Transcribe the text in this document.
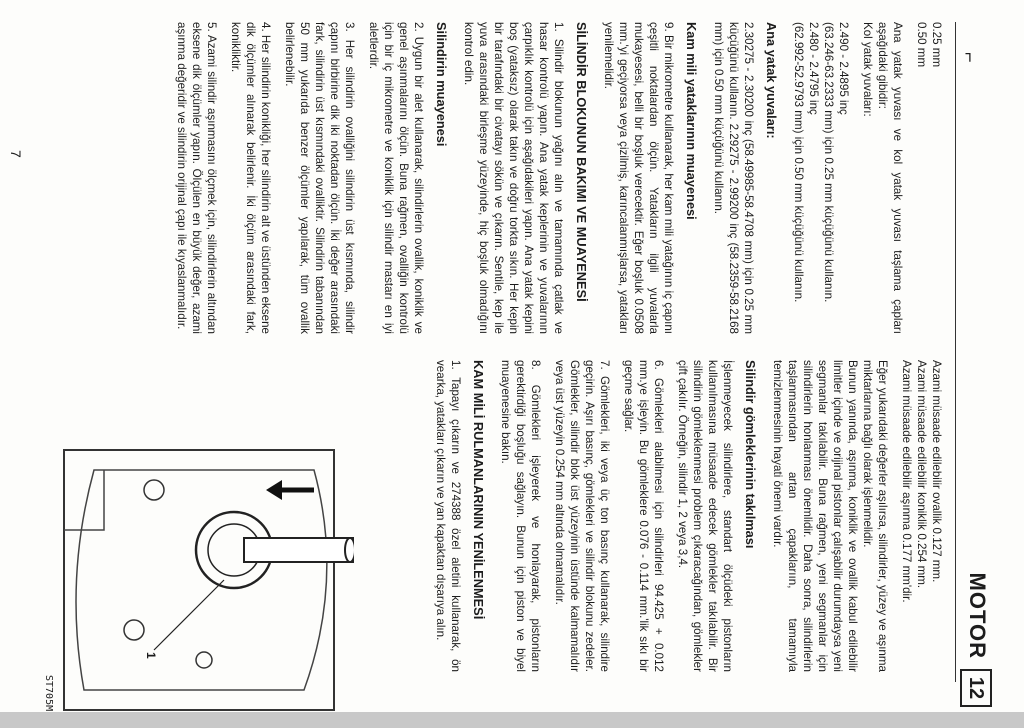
⌐
MOTOR
12

0.25 mm
0.50 mm

Ana yatak yuvası ve kol yatak yuvası taşlama çapları aşağıdaki gibidir:
Kol yatak yuvaları:

2.490 - 2.4895 inç
(63.246-63.2333 mm) için 0.25 mm küçüğünü kullanın.
2.480 - 2.4795 inç
(62.992-52.9793 mm) için 0.50 mm küçüğünü kullanın.

Ana yatak yuvaları:

2.30275 - 2.30200 inç (58.49985-58.4708 mm) için 0.25 mm küçüğünü kullanın. 2.29275 - 2.99200 inç (58.2359-58.2168 mm) için 0.50 mm küçüğünü kullanın.

Kam mili yataklarının muayenesi

9. Bir mikrometre kullanarak, her kam mili yatağının iç çapını çeşitli noktalardan ölçün. Yatakların ilgili yuvalarla mukayesesi, belli bir boşluk verecektir. Eğer boşluk 0.0508 mm.'yi geçiyorsa veya çizilmiş, karıncalanmışlarsa, yatakları yenilemelidir.

SİLİNDİR BLOKUNUN BAKIMI VE MUAYENESİ

1. Silindir blokunun yağını alın ve tamamında çatlak ve hasar kontrolü yapın. Ana yatak keplerinin ve yuvalarının çarpıklık kontrolü için aşağıdakileri yapın. Ana yatak kepini boş (yataksız) olarak takın ve doğru torkta sıkın. Her kepin bir tarafındaki bir civatayı sökün ve çıkarın. Sentile, kep ile yuva arasındaki birleşme yüzeyinde, hiç boşluk olmadığını kontrol edin.

Silindirin muayenesi

2. Uygun bir alet kullanarak, silindirlerin ovallik, koniklik ve genel aşınmalarını ölçün. Buna rağmen, ovalliğin kontrolü için bir iç mikrometre ve koniklik için silindir mastarı en iyi aletlerdir.

3. Her silindirin ovalliğini silindirin üst kısmında, silindir çapını birbirine dik iki noktadan ölçün. İki değer arasındaki fark, silindirin üst kısmındaki ovalliktir. Silindirin tabanından 50 mm yukarıda benzer ölçümler yapılarak, tüm ovallik belirlenebilir.

4. Her silindirin konikliği, her silindirin alt ve üstünden eksene dik ölçümler alınarak belirlenir. İki ölçüm arasındaki fark, konikliktir.

5. Azami silindir aşınmasını ölçmek için, silindirlerin altından eksene dik ölçümler yapın. Ölçülen en büyük değer, azami aşınma değeridir ve silindirin orijinal çapı ile kıyaslanmalıdır.

Azami müsaade edilebilir ovallik 0.127 mm.
Azami müsaade edilebilir koniklik 0.254 mm.
Azami müsaade edilebilir aşınma 0.177 mm'dir.

Eğer yukarıdaki değerler aşılırsa, silindirler, yüzey ve aşınma miktarlarına bağlı olarak işlenmelidir.
Bunun yanında, aşınma, koniklik ve ovallik kabul edilebilir limitler içinde ve orijinal pistonlar çalışabilir durumdaysa yeni segmanlar takılabilir. Buna rağmen, yeni segmanlar için silindirlerin honlanması önemlidir. Daha sonra, silindirlerin taşlanmasından artan çapaklarıın, tamamıyla temizlenmesinin hayati önemi vardır.

Silindir gömleklerinin takılması

İşlenmeyecek silindirlere, standart ölçüdeki pistonların kullanılmasına müsaade edecek gömlekler takılabilir. Bir silindirin gömleklenmesi problem çıkaracağından, gömlekler çift çakılır. Örneğin, silindir 1, 2 veya 3,4.

6. Gömlekleri alabilmesi için silindirleri 94.425 + 0.012 mm.ye işleyin. Bu gömleklere 0.076 - 0.114 mm.'lik sıkı bir geçme sağlar.

7. Gömlekleri, iki veya üç ton basınç kullanarak, silindire geçirin. Aşırı basınç, gömlekleri ve silindir blokunu zedeler. Gömlekler, silindir blok üst yüzeyinin üstünde kalmamalıdır veya üst yüzeyin 0.254 mm altında olmamalıdır.

8. Gömlekleri işleyerek ve honlayarak, pistonların gerektirdiği boşluğu sağlayın. Bunun için piston ve biyel muayenesine bakın.

KAM MİLİ RULMANLARININ YENİLENMESİ

1. Tapayı çıkarın ve 274388 özel aletini kullanarak, ön vearka, yatakları çıkarın ve yan kapaktan dışarıya alın.

1
ST705M
7
